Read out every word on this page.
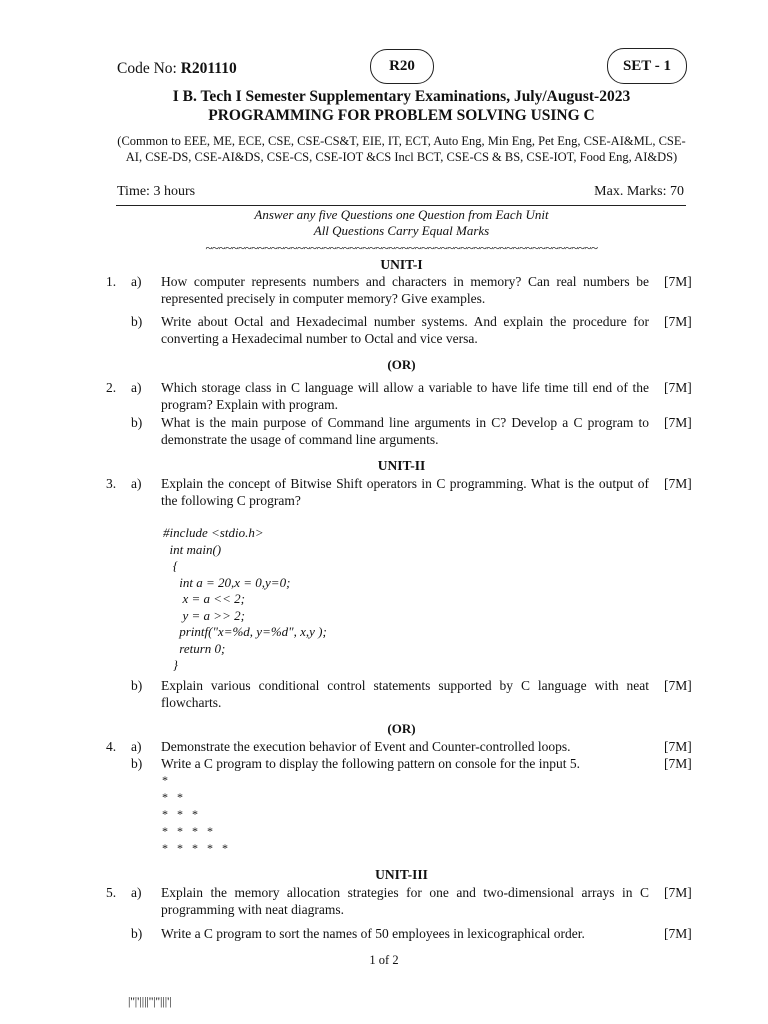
Code No: R201110	R20	SET - 1
I B. Tech I Semester Supplementary Examinations, July/August-2023
PROGRAMMING FOR PROBLEM SOLVING USING C
(Common to EEE, ME, ECE, CSE, CSE-CS&T, EIE, IT, ECT, Auto Eng, Min Eng, Pet Eng, CSE-AI&ML, CSE-AI, CSE-DS, CSE-AI&DS, CSE-CS, CSE-IOT &CS Incl BCT, CSE-CS & BS, CSE-IOT, Food Eng, AI&DS)
Time: 3 hours	Max. Marks: 70
Answer any five Questions one Question from Each Unit
All Questions Carry Equal Marks
~~~~~~~~~~~~~~~~~~~~~~~~~~~~~~~~~~~~~~~~~~~~~~~~~~~~~~~~~~~~
UNIT-I
1. a) How computer represents numbers and characters in memory? Can real numbers be represented precisely in computer memory? Give examples.
[7M]
b) Write about Octal and Hexadecimal number systems. And explain the procedure for converting a Hexadecimal number to Octal and vice versa.
[7M]
(OR)
2. a) Which storage class in C language will allow a variable to have life time till end of the program? Explain with program.
[7M]
b) What is the main purpose of Command line arguments in C? Develop a C program to demonstrate the usage of command line arguments.
[7M]
UNIT-II
3. a) Explain the concept of Bitwise Shift operators in C programming. What is the output of the following C program?
[7M]
#include <stdio.h>
int main()
{
int a = 20,x = 0,y=0;
x = a << 2;
y = a >> 2;
printf("x=%d, y=%d", x,y );
return 0;
}
b) Explain various conditional control statements supported by C language with neat flowcharts.
[7M]
(OR)
4. a) Demonstrate the execution behavior of Event and Counter-controlled loops.	[7M]
b) Write a C program to display the following pattern on console for the input 5.	[7M]
*
*   *
*   *   *
*   *   *   *
*   *   *   *   *
UNIT-III
5. a) Explain the memory allocation strategies for one and two-dimensional arrays in C programming with neat diagrams.
[7M]
b) Write a C program to sort the names of 50 employees in lexicographical order.	[7M]
1 of 2
|''|'||||''|''|||'|
